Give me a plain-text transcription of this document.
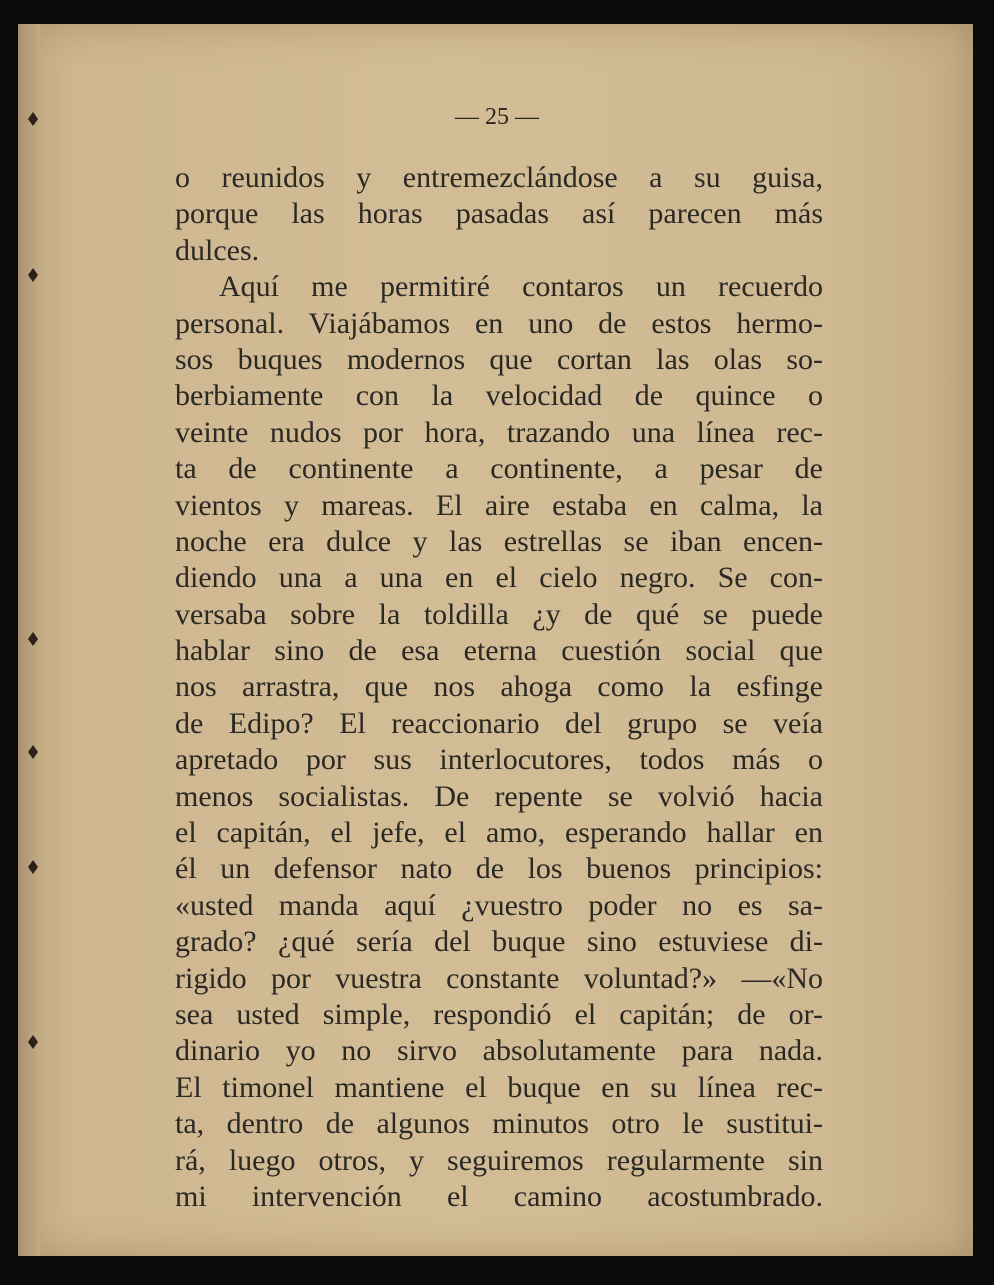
— 25 —
o reunidos y entremezclándose a su guisa,
porque las horas pasadas así parecen más
dulces.
Aquí me permitiré contaros un recuerdo
personal. Viajábamos en uno de estos hermo-
sos buques modernos que cortan las olas so-
berbiamente con la velocidad de quince o
veinte nudos por hora, trazando una línea rec-
ta de continente a continente, a pesar de
vientos y mareas. El aire estaba en calma, la
noche era dulce y las estrellas se iban encen-
diendo una a una en el cielo negro. Se con-
versaba sobre la toldilla ¿y de qué se puede
hablar sino de esa eterna cuestión social que
nos arrastra, que nos ahoga como la esfinge
de Edipo? El reaccionario del grupo se veía
apretado por sus interlocutores, todos más o
menos socialistas. De repente se volvió hacia
el capitán, el jefe, el amo, esperando hallar en
él un defensor nato de los buenos principios:
«usted manda aquí ¿vuestro poder no es sa-
grado? ¿qué sería del buque sino estuviese di-
rigido por vuestra constante voluntad?» —«No
sea usted simple, respondió el capitán; de or-
dinario yo no sirvo absolutamente para nada.
El timonel mantiene el buque en su línea rec-
ta, dentro de algunos minutos otro le sustitui-
rá, luego otros, y seguiremos regularmente sin
mi intervención el camino acostumbrado.
